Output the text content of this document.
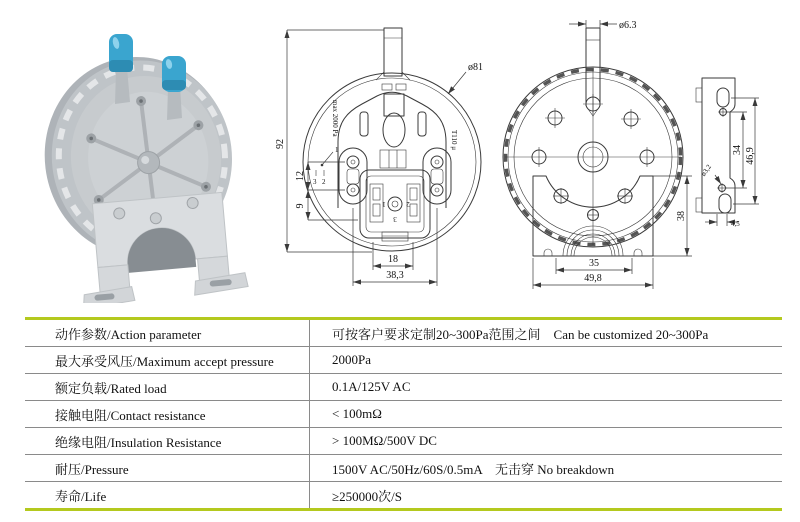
1	2
3
max 2000 Pa
T110 μ
1
3 2
92
12
9
18
38,3
ø81
ø6.3
38
35
49,8
34 46,9
ø3,2
4,5
动作参数/Action parameter	可按客户要求定制20~300Pa范围之间　Can be customized 20~300Pa
最大承受风压/Maximum accept pressure	2000Pa
额定负载/Rated load	0.1A/125V AC
接触电阻/Contact resistance	< 100mΩ
绝缘电阻/Insulation Resistance	> 100MΩ/500V DC
耐压/Pressure	1500V AC/50Hz/60S/0.5mA　无击穿 No breakdown
寿命/Life	≥250000次/S
